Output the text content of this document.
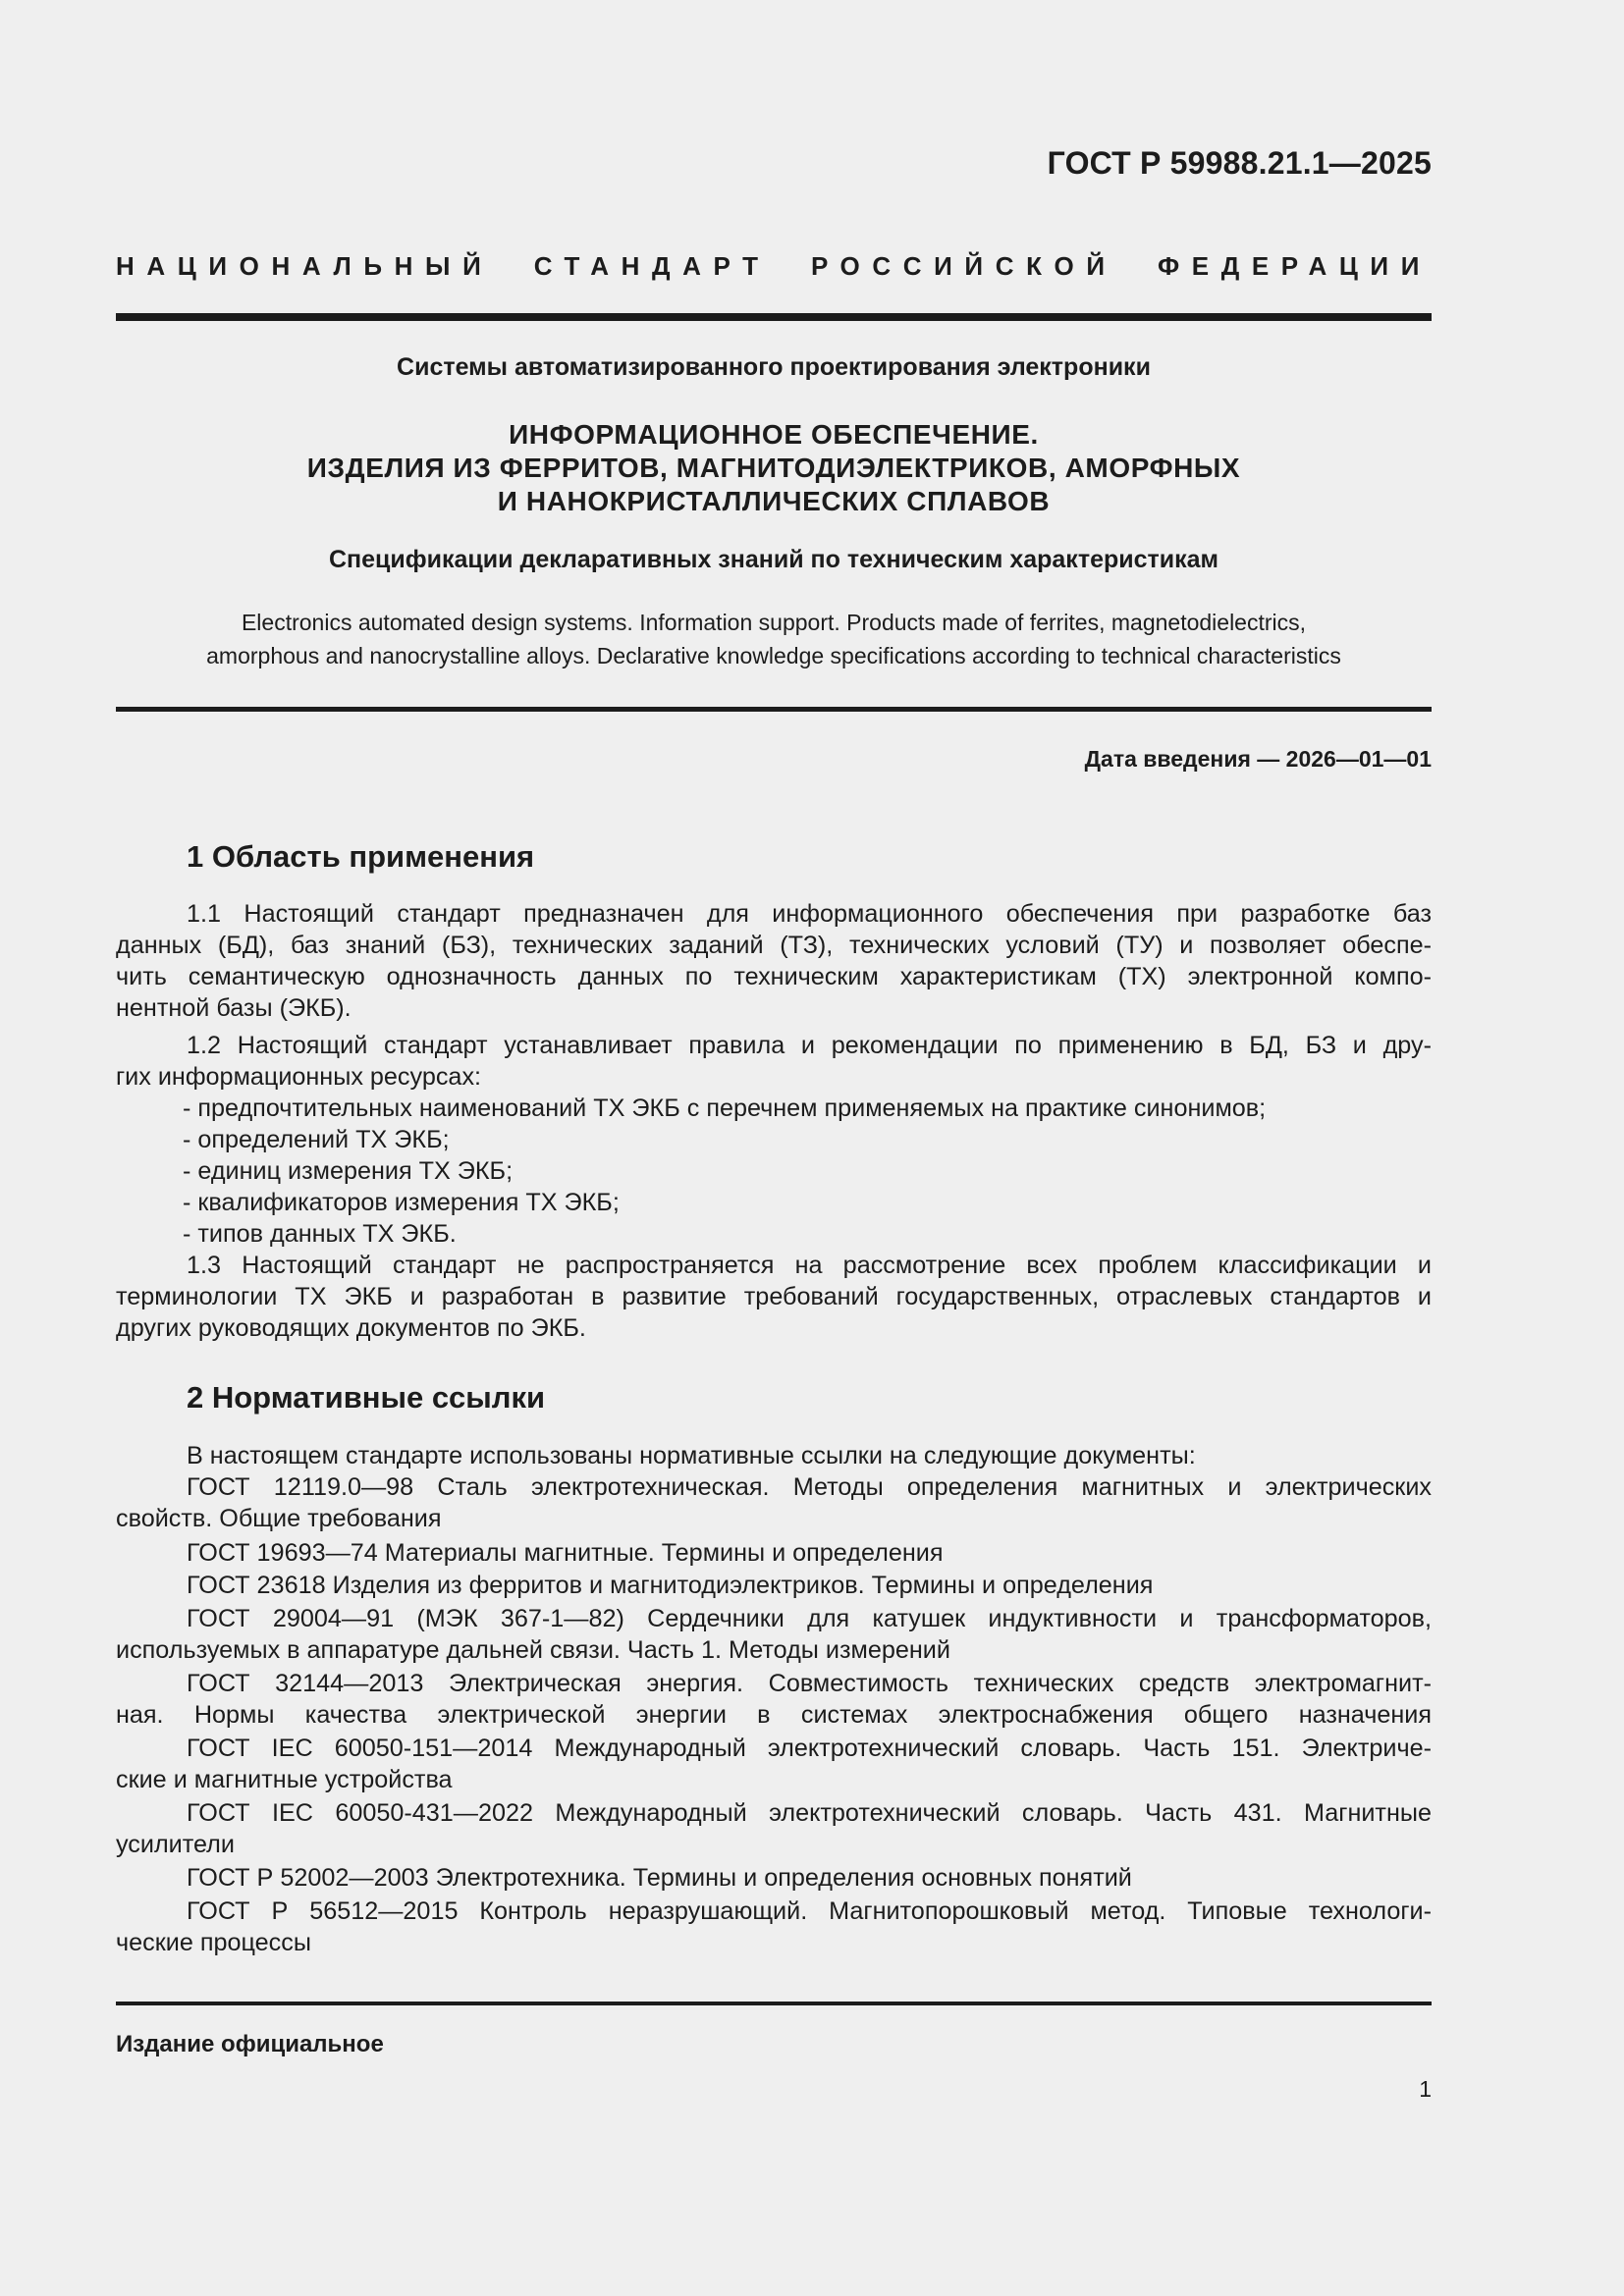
ГОСТ Р 59988.21.1—2025
НАЦИОНАЛЬНЫЙ СТАНДАРТ РОССИЙСКОЙ ФЕДЕРАЦИИ
Системы автоматизированного проектирования электроники
ИНФОРМАЦИОННОЕ ОБЕСПЕЧЕНИЕ.
ИЗДЕЛИЯ ИЗ ФЕРРИТОВ, МАГНИТОДИЭЛЕКТРИКОВ, АМОРФНЫХ
И НАНОКРИСТАЛЛИЧЕСКИХ СПЛАВОВ
Спецификации декларативных знаний по техническим характеристикам
Electronics automated design systems. Information support. Products made of ferrites, magnetodielectrics,
amorphous and nanocrystalline alloys. Declarative knowledge specifications according to technical characteristics
Дата введения — 2026—01—01
1 Область применения
1.1 Настоящий стандарт предназначен для информационного обеспечения при разработке баз
данных (БД), баз знаний (БЗ), технических заданий (ТЗ), технических условий (ТУ) и позволяет обеспе-
чить семантическую однозначность данных по техническим характеристикам (ТХ) электронной компо-
нентной базы (ЭКБ).
1.2 Настоящий стандарт устанавливает правила и рекомендации по применению в БД, БЗ и дру-
гих информационных ресурсах:
- предпочтительных наименований ТХ ЭКБ с перечнем применяемых на практике синонимов;
- определений ТХ ЭКБ;
- единиц измерения ТХ ЭКБ;
- квалификаторов измерения ТХ ЭКБ;
- типов данных ТХ ЭКБ.
1.3 Настоящий стандарт не распространяется на рассмотрение всех проблем классификации и
терминологии ТХ ЭКБ и разработан в развитие требований государственных, отраслевых стандартов и
других руководящих документов по ЭКБ.
2 Нормативные ссылки
В настоящем стандарте использованы нормативные ссылки на следующие документы:
ГОСТ 12119.0—98 Сталь электротехническая. Методы определения магнитных и электрических
свойств. Общие требования
ГОСТ 19693—74 Материалы магнитные. Термины и определения
ГОСТ 23618 Изделия из ферритов и магнитодиэлектриков. Термины и определения
ГОСТ 29004—91 (МЭК 367-1—82) Сердечники для катушек индуктивности и трансформаторов,
используемых в аппаратуре дальней связи. Часть 1. Методы измерений
ГОСТ 32144—2013 Электрическая энергия. Совместимость технических средств электромагнит-
ная. Нормы качества электрической энергии в системах электроснабжения общего назначения
ГОСТ IEC 60050-151—2014 Международный электротехнический словарь. Часть 151. Электриче-
ские и магнитные устройства
ГОСТ IEC 60050-431—2022 Международный электротехнический словарь. Часть 431. Магнитные
усилители
ГОСТ Р 52002—2003 Электротехника. Термины и определения основных понятий
ГОСТ Р 56512—2015 Контроль неразрушающий. Магнитопорошковый метод. Типовые технологи-
ческие процессы
Издание официальное
1
